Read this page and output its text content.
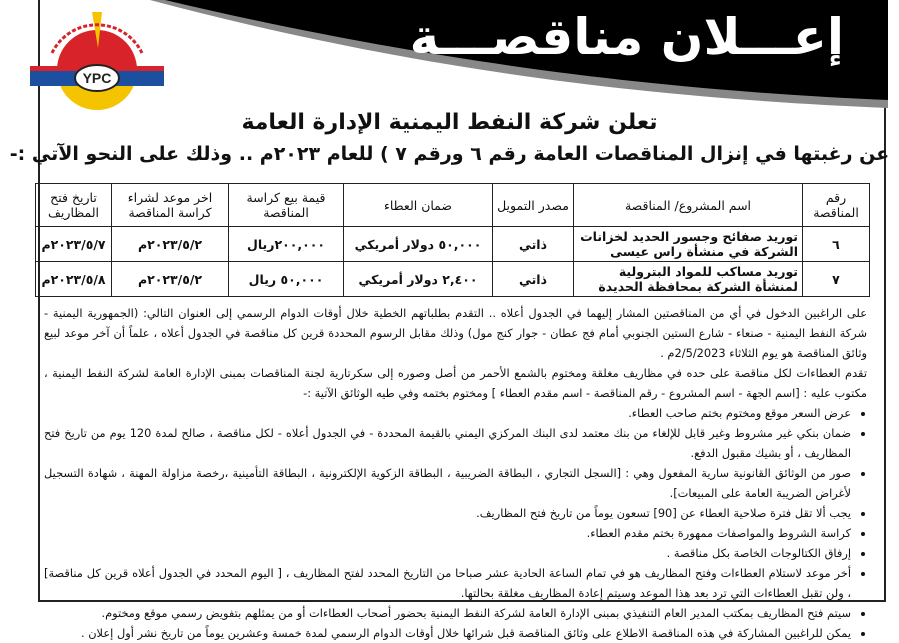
إعـــلان مناقصـــة
YPC
تعلن شركة النفط اليمنية الإدارة العامة
عن رغبتها في إنزال المناقصات العامة رقم ٦ ورقم ٧ ) للعام ٢٠٢٣م .. وذلك على النحو الآتي :-
رقم المناقصة	اسم المشروع/ المناقصة	مصدر التمويل	ضمان العطاء	قيمة بيع كراسة المناقصة	اخر موعد لشراء كراسة المناقصة	تاريخ فتح المظاريف
٦	توريد صفائح وجسور الحديد لخزانات الشركة في منشأة راس عيسى	ذاتي	٥٠,٠٠٠ دولار أمريكي	٢٠٠,٠٠٠ريال	٢٠٢٣/٥/٢م	٢٠٢٣/٥/٧م
٧	توريد مساكب للمواد البترولية لمنشأة الشركة بمحافظة الحديدة	ذاتي	٢,٤٠٠ دولار أمريكي	٥٠,٠٠٠ ريال	٢٠٢٣/٥/٢م	٢٠٢٣/٥/٨م

على الراغبين الدخول في أي من المناقصتين المشار إليهما في الجدول أعلاه .. التقدم بطلباتهم الخطية خلال أوقات الدوام الرسمي إلى العنوان التالي: (الجمهورية اليمنية - شركة النفط اليمنية - صنعاء - شارع الستين الجنوبي أمام فج عطان - جوار كنج مول) وذلك مقابل الرسوم المحددة قرين كل مناقصة في الجدول أعلاه ، علماً أن آخر موعد لبيع وثائق المناقصة هو يوم الثلاثاء 2/5/2023م .

تقدم العطاءات لكل مناقصة على حده في مظاريف مغلقة ومختوم بالشمع الأحمر من أصل وصوره إلى سكرتارية لجنة المناقصات بمبنى الإدارة العامة لشركة النفط اليمنية ، مكتوب عليه : [اسم الجهة - اسم المشروع - رقم المناقصة - اسم مقدم العطاء ] ومختوم بختمه وفي طيه الوثائق الآتية :-

• عرض السعر موقع ومختوم بختم صاحب العطاء.
• ضمان بنكي غير مشروط وغير قابل للإلغاء من بنك معتمد لدى البنك المركزي اليمني بالقيمة المحددة - في الجدول أعلاه - لكل مناقصة ، صالح لمدة 120 يوم من تاريخ فتح المظاريف ، أو بشيك مقبول الدفع.
• صور من الوثائق القانونية سارية المفعول وهي : [السجل التجاري ، البطاقة الضريبية ، البطاقة الزكوية الإلكترونية ، البطاقة التأمينية ،رخصة مزاولة المهنة ، شهادة التسجيل لأغراض الضريبة العامة على المبيعات].
• يجب ألا تقل فترة صلاحية العطاء عن [90] تسعون يوماً من تاريخ فتح المظاريف.
• كراسة الشروط والمواصفات ممهورة بختم مقدم العطاء.
• إرفاق الكتالوجات الخاصة بكل مناقصة .
• أخر موعد لاستلام العطاءات وفتح المظاريف هو في تمام الساعة الحادية عشر صباحا من التاريخ المحدد لفتح المظاريف ، [ اليوم المحدد في الجدول أعلاه قرين كل مناقصة] ، ولن تقبل العطاءات التي ترد بعد هذا الموعد وسيتم إعادة المظاريف مغلقة بحالتها.
• سيتم فتح المظاريف بمكتب المدير العام التنفيذي بمبنى الإدارة العامة لشركة النفط اليمنية بحضور أصحاب العطاءات أو من يمثلهم بتفويض رسمي موقع ومختوم.
• يمكن للراغبين المشاركة في هذه المناقصة الاطلاع على وثائق المناقصة قبل شرائها خلال أوقات الدوام الرسمي لمدة خمسة وعشرين يوماً من تاريخ نشر أول إعلان .
